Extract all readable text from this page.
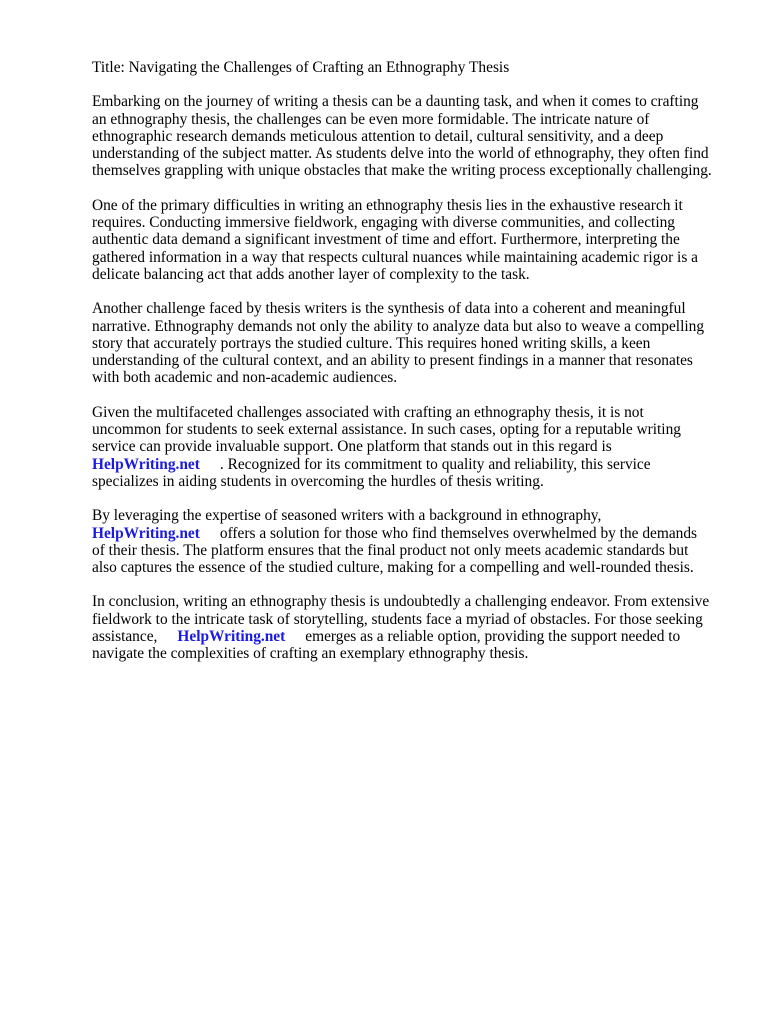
Title: Navigating the Challenges of Crafting an Ethnography Thesis

Embarking on the journey of writing a thesis can be a daunting task, and when it comes to crafting an ethnography thesis, the challenges can be even more formidable. The intricate nature of ethnographic research demands meticulous attention to detail, cultural sensitivity, and a deep understanding of the subject matter. As students delve into the world of ethnography, they often find themselves grappling with unique obstacles that make the writing process exceptionally challenging.

One of the primary difficulties in writing an ethnography thesis lies in the exhaustive research it requires. Conducting immersive fieldwork, engaging with diverse communities, and collecting authentic data demand a significant investment of time and effort. Furthermore, interpreting the gathered information in a way that respects cultural nuances while maintaining academic rigor is a delicate balancing act that adds another layer of complexity to the task.

Another challenge faced by thesis writers is the synthesis of data into a coherent and meaningful narrative. Ethnography demands not only the ability to analyze data but also to weave a compelling story that accurately portrays the studied culture. This requires honed writing skills, a keen understanding of the cultural context, and an ability to present findings in a manner that resonates with both academic and non-academic audiences.

Given the multifaceted challenges associated with crafting an ethnography thesis, it is not uncommon for students to seek external assistance. In such cases, opting for a reputable writing service can provide invaluable support. One platform that stands out in this regard is
HelpWriting.net . Recognized for its commitment to quality and reliability, this service specializes in aiding students in overcoming the hurdles of thesis writing.

By leveraging the expertise of seasoned writers with a background in ethnography,
HelpWriting.net offers a solution for those who find themselves overwhelmed by the demands of their thesis. The platform ensures that the final product not only meets academic standards but also captures the essence of the studied culture, making for a compelling and well-rounded thesis.

In conclusion, writing an ethnography thesis is undoubtedly a challenging endeavor. From extensive fieldwork to the intricate task of storytelling, students face a myriad of obstacles. For those seeking assistance, HelpWriting.net emerges as a reliable option, providing the support needed to navigate the complexities of crafting an exemplary ethnography thesis.
